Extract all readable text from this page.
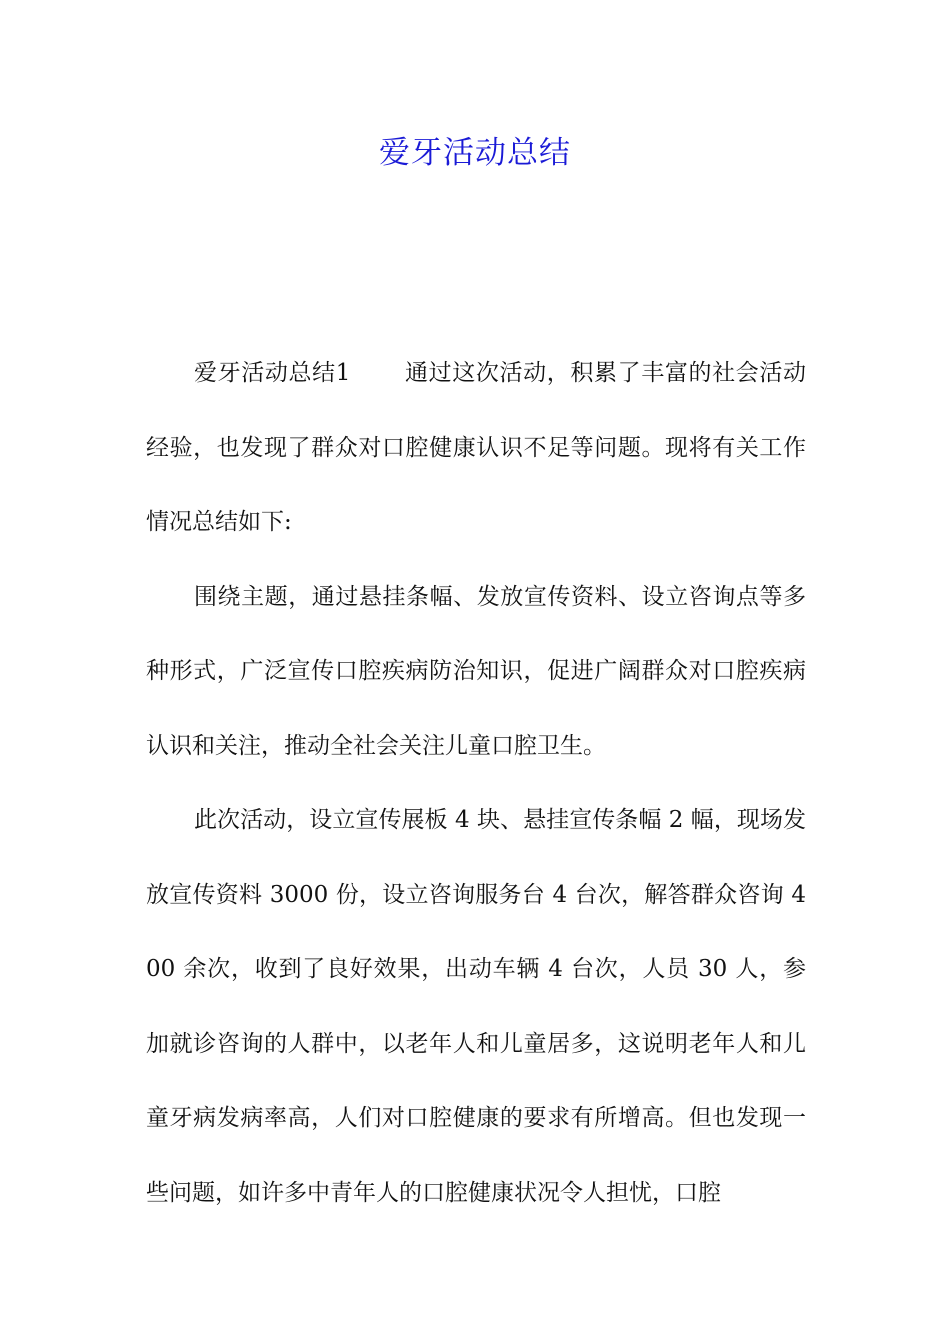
爱牙活动总结

爱牙活动总结1 通过这次活动，积累了丰富的社会活动经验，也发现了群众对口腔健康认识不足等问题。现将有关工作情况总结如下:

围绕主题，通过悬挂条幅、发放宣传资料、设立咨询点等多种形式，广泛宣传口腔疾病防治知识，促进广阔群众对口腔疾病认识和关注，推动全社会关注儿童口腔卫生。

此次活动，设立宣传展板 4 块、悬挂宣传条幅 2 幅，现场发放宣传资料 3000 份，设立咨询服务台 4 台次，解答群众咨询 400 余次，收到了良好效果，出动车辆 4 台次，人员 30 人，参加就诊咨询的人群中，以老年人和儿童居多，这说明老年人和儿童牙病发病率高，人们对口腔健康的要求有所增高。但也发现一些问题，如许多中青年人的口腔健康状况令人担忧，口腔
